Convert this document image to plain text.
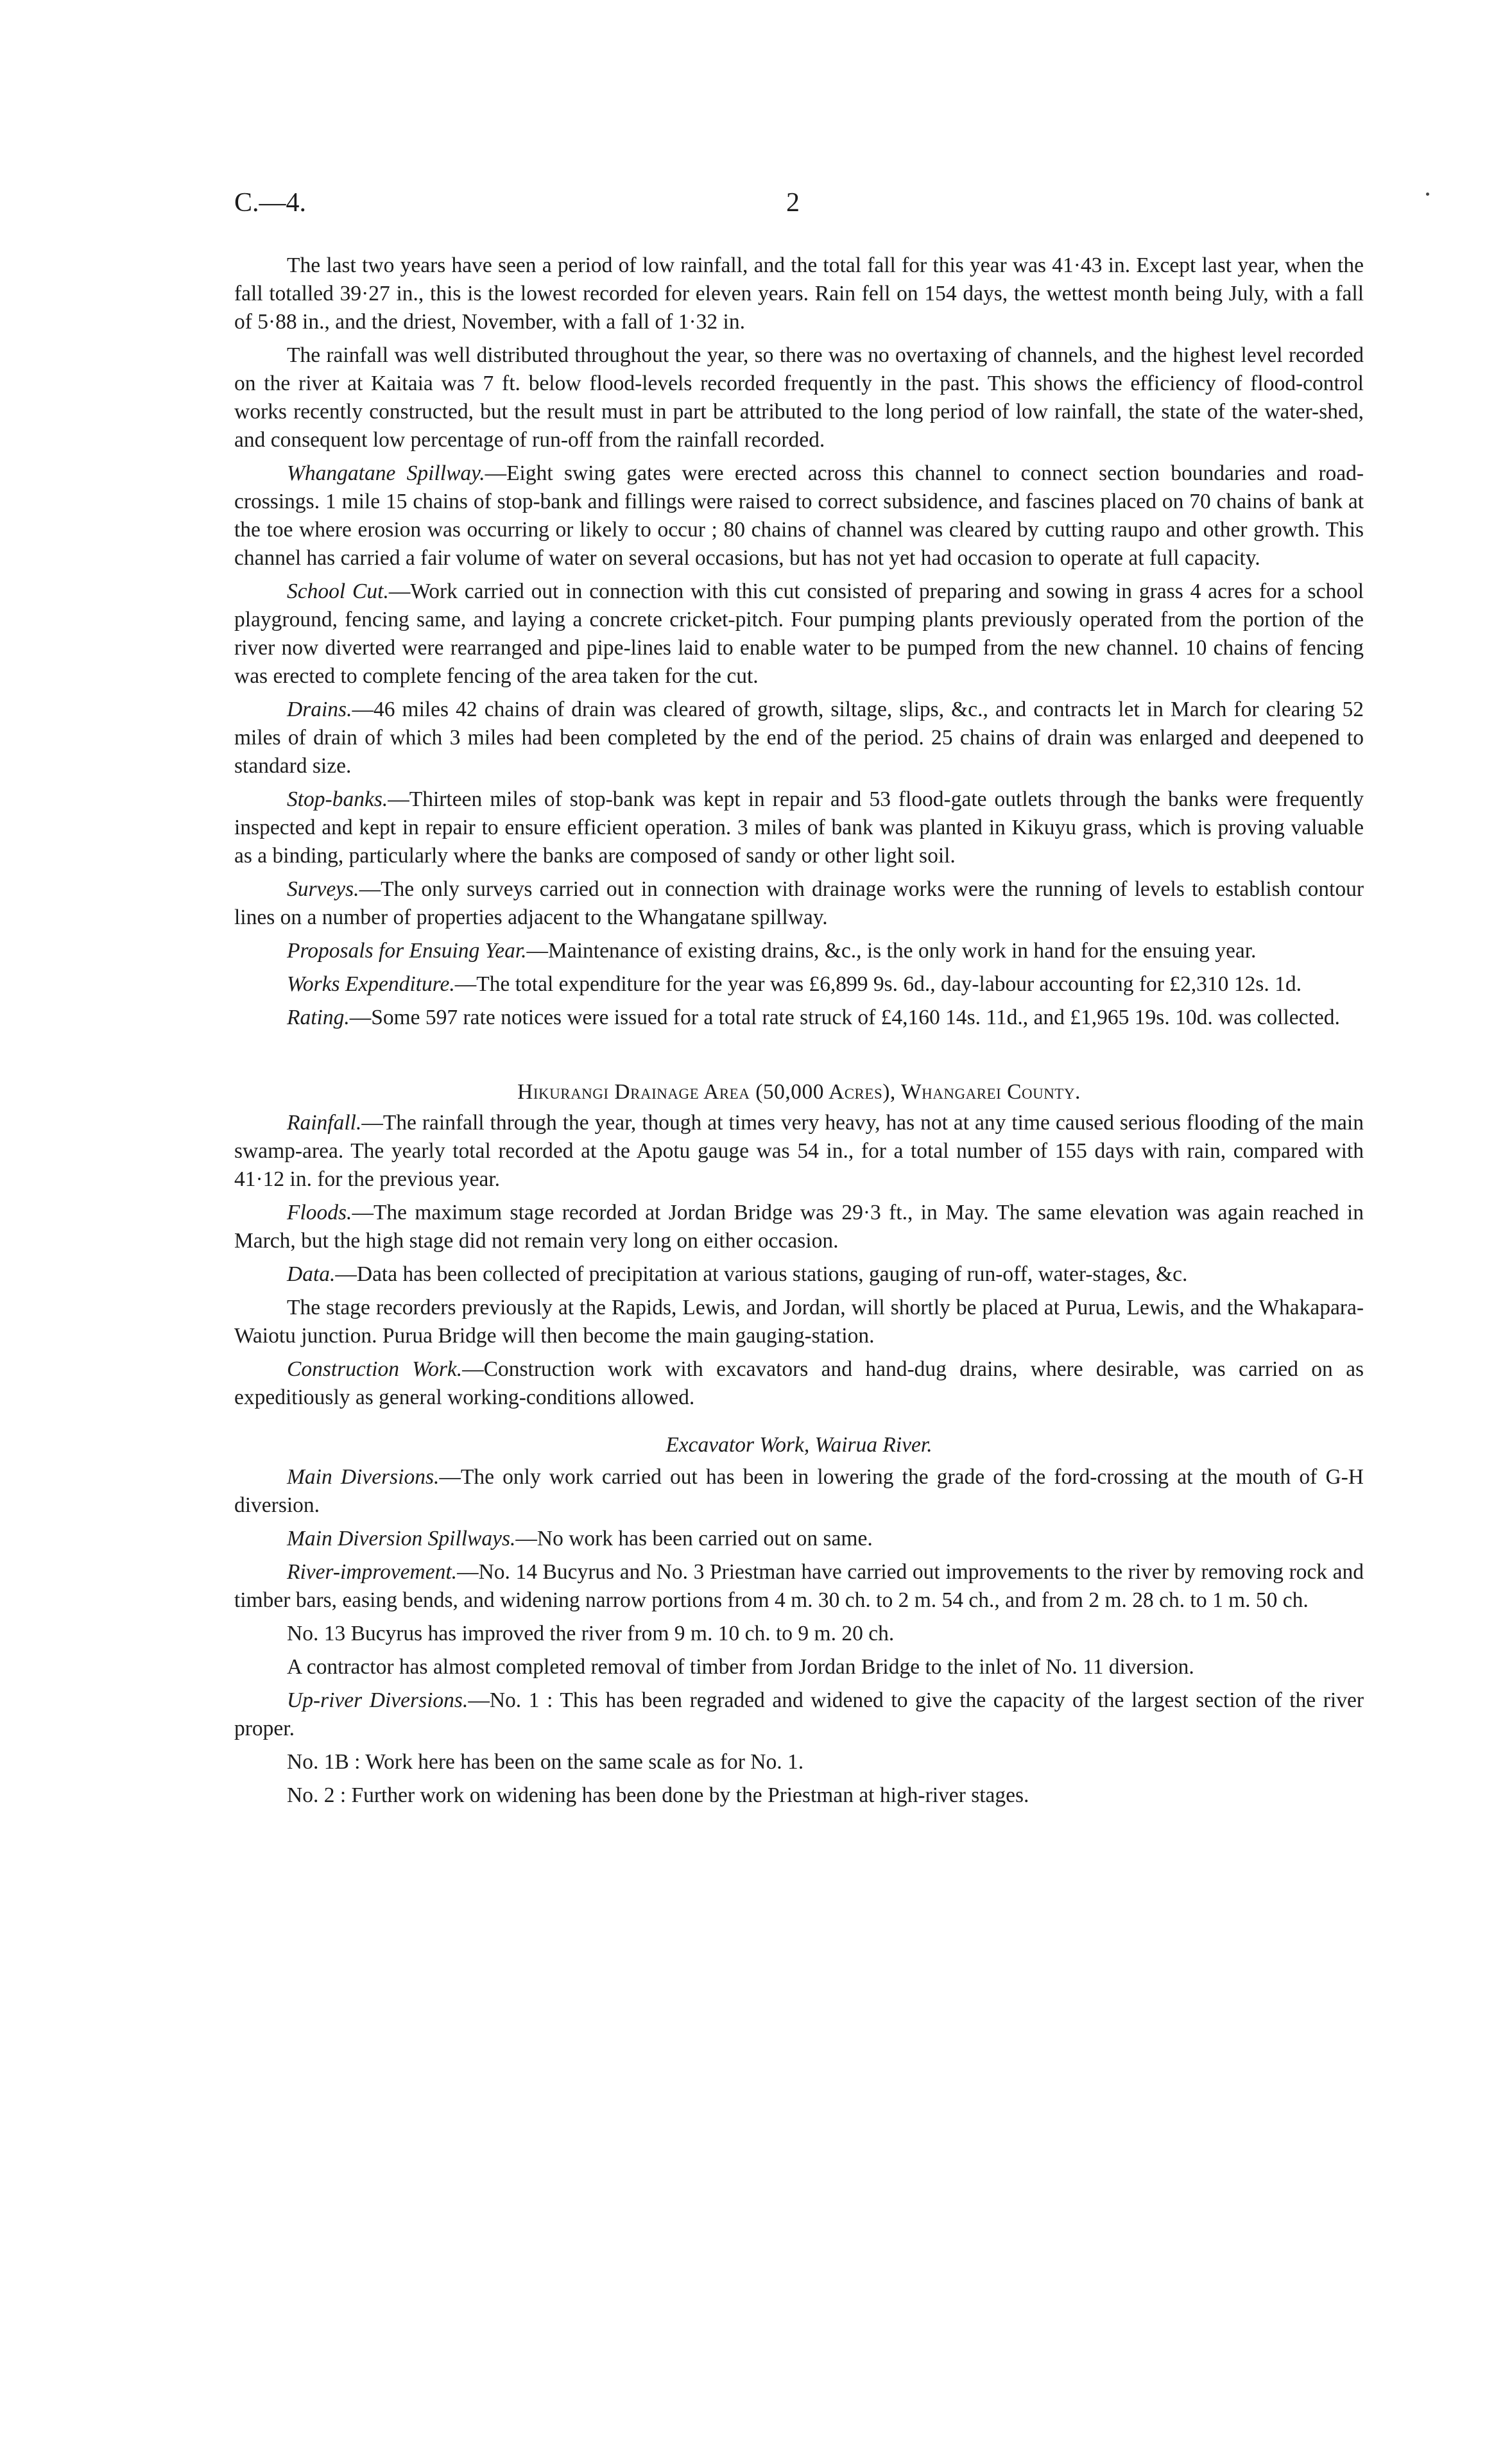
C.—4.	2

The last two years have seen a period of low rainfall, and the total fall for this year was 41·43 in. Except last year, when the fall totalled 39·27 in., this is the lowest recorded for eleven years. Rain fell on 154 days, the wettest month being July, with a fall of 5·88 in., and the driest, November, with a fall of 1·32 in.

The rainfall was well distributed throughout the year, so there was no overtaxing of channels, and the highest level recorded on the river at Kaitaia was 7 ft. below flood-levels recorded frequently in the past. This shows the efficiency of flood-control works recently constructed, but the result must in part be attributed to the long period of low rainfall, the state of the water-shed, and consequent low percentage of run-off from the rainfall recorded.

Whangatane Spillway.—Eight swing gates were erected across this channel to connect section boundaries and road-crossings. 1 mile 15 chains of stop-bank and fillings were raised to correct subsidence, and fascines placed on 70 chains of bank at the toe where erosion was occurring or likely to occur ; 80 chains of channel was cleared by cutting raupo and other growth. This channel has carried a fair volume of water on several occasions, but has not yet had occasion to operate at full capacity.

School Cut.—Work carried out in connection with this cut consisted of preparing and sowing in grass 4 acres for a school playground, fencing same, and laying a concrete cricket-pitch. Four pumping plants previously operated from the portion of the river now diverted were rearranged and pipe-lines laid to enable water to be pumped from the new channel. 10 chains of fencing was erected to complete fencing of the area taken for the cut.

Drains.—46 miles 42 chains of drain was cleared of growth, siltage, slips, &c., and contracts let in March for clearing 52 miles of drain of which 3 miles had been completed by the end of the period. 25 chains of drain was enlarged and deepened to standard size.

Stop-banks.—Thirteen miles of stop-bank was kept in repair and 53 flood-gate outlets through the banks were frequently inspected and kept in repair to ensure efficient operation. 3 miles of bank was planted in Kikuyu grass, which is proving valuable as a binding, particularly where the banks are composed of sandy or other light soil.

Surveys.—The only surveys carried out in connection with drainage works were the running of levels to establish contour lines on a number of properties adjacent to the Whangatane spillway.

Proposals for Ensuing Year.—Maintenance of existing drains, &c., is the only work in hand for the ensuing year.

Works Expenditure.—The total expenditure for the year was £6,899 9s. 6d., day-labour accounting for £2,310 12s. 1d.

Rating.—Some 597 rate notices were issued for a total rate struck of £4,160 14s. 11d., and £1,965 19s. 10d. was collected.

Hikurangi Drainage Area (50,000 Acres), Whangarei County.

Rainfall.—The rainfall through the year, though at times very heavy, has not at any time caused serious flooding of the main swamp-area. The yearly total recorded at the Apotu gauge was 54 in., for a total number of 155 days with rain, compared with 41·12 in. for the previous year.

Floods.—The maximum stage recorded at Jordan Bridge was 29·3 ft., in May. The same elevation was again reached in March, but the high stage did not remain very long on either occasion.

Data.—Data has been collected of precipitation at various stations, gauging of run-off, water-stages, &c.

The stage recorders previously at the Rapids, Lewis, and Jordan, will shortly be placed at Purua, Lewis, and the Whakapara-Waiotu junction. Purua Bridge will then become the main gauging-station.

Construction Work.—Construction work with excavators and hand-dug drains, where desirable, was carried on as expeditiously as general working-conditions allowed.

Excavator Work, Wairua River.

Main Diversions.—The only work carried out has been in lowering the grade of the ford-crossing at the mouth of G-H diversion.

Main Diversion Spillways.—No work has been carried out on same.

River-improvement.—No. 14 Bucyrus and No. 3 Priestman have carried out improvements to the river by removing rock and timber bars, easing bends, and widening narrow portions from 4 m. 30 ch. to 2 m. 54 ch., and from 2 m. 28 ch. to 1 m. 50 ch.

No. 13 Bucyrus has improved the river from 9 m. 10 ch. to 9 m. 20 ch.

A contractor has almost completed removal of timber from Jordan Bridge to the inlet of No. 11 diversion.

Up-river Diversions.—No. 1 : This has been regraded and widened to give the capacity of the largest section of the river proper.

No. 1B : Work here has been on the same scale as for No. 1.

No. 2 : Further work on widening has been done by the Priestman at high-river stages.
